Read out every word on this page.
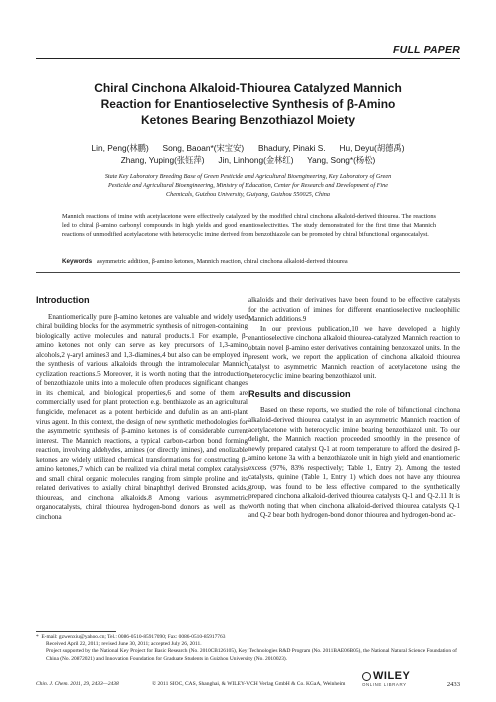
FULL PAPER
Chiral Cinchona Alkaloid-Thiourea Catalyzed Mannich
Reaction for Enantioselective Synthesis of β-Amino
Ketones Bearing Benzothiazol Moiety
Lin, Peng(林鹏)      Song, Baoan*(宋宝安)      Bhadury, Pinaki S.      Hu, Deyu(胡德禹)
Zhang, Yuping(张钰萍)      Jin, Linhong(金林红)      Yang, Song*(杨松)
State Key Laboratory Breeding Base of Green Pesticide and Agricultural Bioengineering, Key Laboratory of Green
Pesticide and Agricultural Bioengineering, Ministry of Education, Center for Research and Development of Fine
Chemicals, Guizhou University, Guiyang, Guizhou 550025, China
Mannich reactions of imine with acetylacetone were effectively catalyzed by the modified chiral cinchona alkaloid-derived thiourea. The reactions led to chiral β-amino carbonyl compounds in high yields and good enantioselectivities. The study demonstrated for the first time that Mannich reactions of unmodified acetylacetone with heterocyclic imine derived from benzothiazole can be promoted by chiral bifunctional organocatalyst.
Keywords asymmetric addition, β-amino ketones, Mannich reaction, chiral cinchona alkaloid-derived thiourea
Introduction

Enantiomerically pure β-amino ketones are valuable and widely used chiral building blocks for the asymmetric synthesis of nitrogen-containing biologically active molecules and natural products.1 For example, β-amino ketones not only can serve as key precursors of 1,3-amino alcohols,2 γ-aryl amines3 and 1,3-diamines,4 but also can be employed in the synthesis of various alkaloids through the intramolecular Mannich cyclization reactions.5 Moreover, it is worth noting that the introduction of benzothiazole units into a molecule often produces significant changes in its chemical, and biological properties,6 and some of them are commercially used for plant protection e.g. benthiazole as an agricultural fungicide, mefenacet as a potent herbicide and dufulin as an anti-plant virus agent. In this context, the design of new synthetic methodologies for the asymmetric synthesis of β-amino ketones is of considerable current interest. The Mannich reactions, a typical carbon-carbon bond forming reaction, involving aldehydes, amines (or directly imines), and enolizable ketones are widely utilized chemical transformations for constructing β-amino ketones,7 which can be realized via chiral metal complex catalysis and small chiral organic molecules ranging from simple proline and its related derivatives to axially chiral binaphthyl derived Bronsted acids, thioureas, and cinchona alkaloids.8 Among various asymmetric organocatalysts, chiral thiourea hydrogen-bond donors as well as the cinchona

alkaloids and their derivatives have been found to be effective catalysts for the activation of imines for different enantioselective nucleophilic Mannich additions.9

In our previous publication,10 we have developed a highly enantioselective cinchona alkaloid thiourea-catalyzed Mannich reaction to obtain novel β-amino ester derivatives containing benzoxazol units. In the present work, we report the application of cinchona alkaloid thiourea catalyst to asymmetric Mannich reaction of acetylacetone using the heterocyclic imine bearing benzothiazol unit.

Results and discussion

Based on these reports, we studied the role of bifunctional cinchona alkaloid-derived thiourea catalyst in an asymmetric Mannich reaction of acetylacetone with heterocyclic imine bearing benzothiazol unit. To our delight, the Mannich reaction proceeded smoothly in the presence of newly prepared catalyst Q-1 at room temperature to afford the desired β-amino ketone 3a with a benzothiazole unit in high yield and enantiomeric excess (97%, 83% respectively; Table 1, Entry 2). Among the tested catalysts, quinine (Table 1, Entry 1) which does not have any thiourea group, was found to be less effective compared to the synthetically prepared cinchona alkaloid-derived thiourea catalysts Q-1 and Q-2.11 It is worth noting that when cinchona alkaloid-derived thiourea catalysts Q-1 and Q-2 bear both hydrogen-bond donor thiourea and hydrogen-bond ac-

*  E-mail: gzwenxiu@yahoo.cn; Tel.: 0086-0510-85917090; Fax: 0086-0510-85917763
Received April 22, 2011; revised June 30, 2011; accepted July 26, 2011.
Project supported by the National Key Project for Basic Research (No. 2010CB126105), Key Technologies R&D Program (No. 2011BAE06B05), the National Natural Science Foundation of China (No. 20872021) and Innovation Foundation for Graduate Students in Guizhou University (No. 2010023).
WILEY
ONLINE LIBRARY
Chin. J. Chem. 2011, 29, 2433—2438	© 2011 SIOC, CAS, Shanghai, & WILEY-VCH Verlag GmbH & Co. KGaA, Weinheim	2433
